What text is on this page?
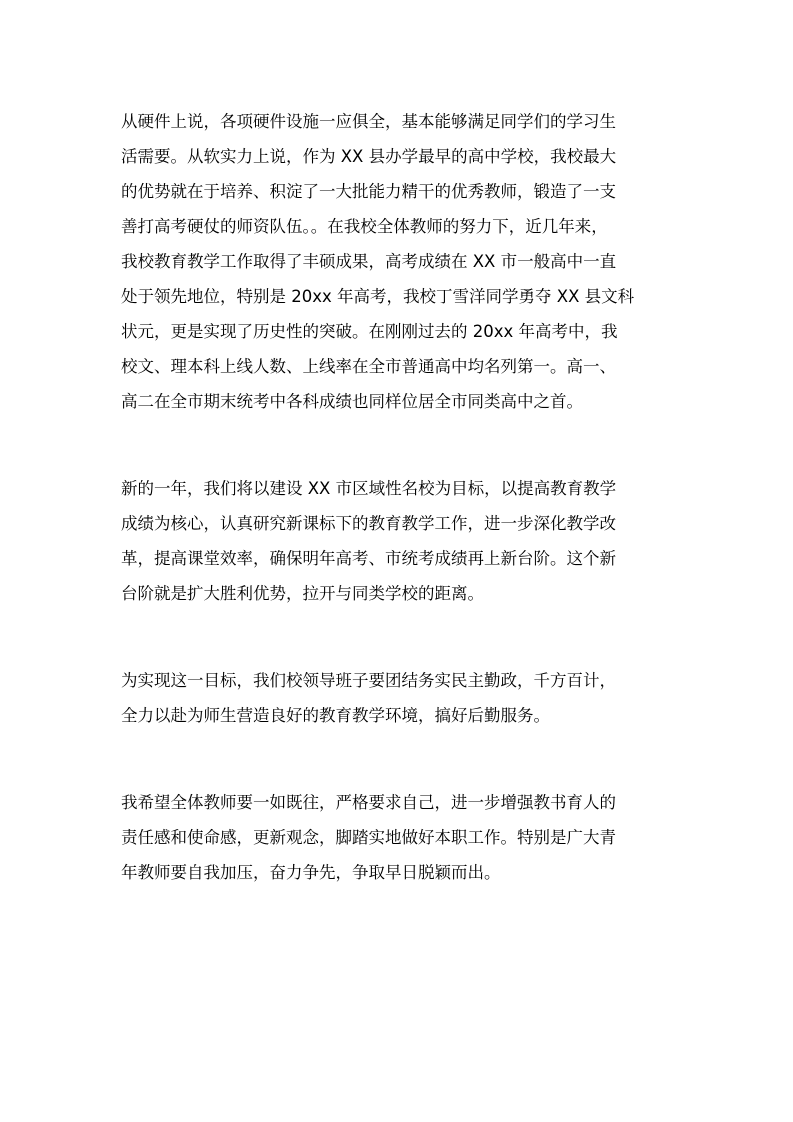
从硬件上说，各项硬件设施一应俱全，基本能够满足同学们的学习生
活需要。从软实力上说，作为 XX 县办学最早的高中学校，我校最大
的优势就在于培养、积淀了一大批能力精干的优秀教师，锻造了一支
善打高考硬仗的师资队伍。。在我校全体教师的努力下，近几年来，
我校教育教学工作取得了丰硕成果，高考成绩在 XX 市一般高中一直
处于领先地位，特别是 20xx 年高考，我校丁雪洋同学勇夺 XX 县文科
状元，更是实现了历史性的突破。在刚刚过去的 20xx 年高考中，我
校文、理本科上线人数、上线率在全市普通高中均名列第一。高一、
高二在全市期末统考中各科成绩也同样位居全市同类高中之首。

新的一年，我们将以建设 XX 市区域性名校为目标，以提高教育教学
成绩为核心，认真研究新课标下的教育教学工作，进一步深化教学改
革，提高课堂效率，确保明年高考、市统考成绩再上新台阶。这个新
台阶就是扩大胜利优势，拉开与同类学校的距离。

为实现这一目标，我们校领导班子要团结务实民主勤政，千方百计，
全力以赴为师生营造良好的教育教学环境，搞好后勤服务。

我希望全体教师要一如既往，严格要求自己，进一步增强教书育人的
责任感和使命感，更新观念，脚踏实地做好本职工作。特别是广大青
年教师要自我加压，奋力争先，争取早日脱颖而出。
